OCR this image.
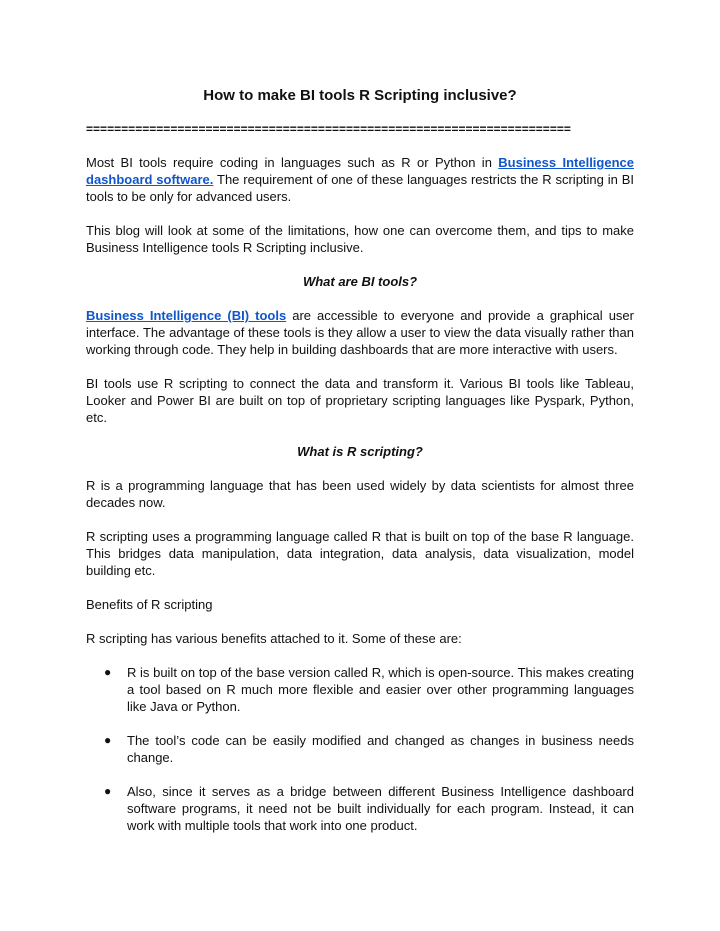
How to make BI tools R Scripting inclusive?
=====================================================================

Most BI tools require coding in languages such as R or Python in Business Intelligence dashboard software. The requirement of one of these languages restricts the R scripting in BI tools to be only for advanced users.

This blog will look at some of the limitations, how one can overcome them, and tips to make Business Intelligence tools R Scripting inclusive.

What are BI tools?

Business Intelligence (BI) tools are accessible to everyone and provide a graphical user interface. The advantage of these tools is they allow a user to view the data visually rather than working through code. They help in building dashboards that are more interactive with users.

BI tools use R scripting to connect the data and transform it. Various BI tools like Tableau, Looker and Power BI are built on top of proprietary scripting languages like Pyspark, Python, etc.

What is R scripting?

R is a programming language that has been used widely by data scientists for almost three decades now.

R scripting uses a programming language called R that is built on top of the base R language. This bridges data manipulation, data integration, data analysis, data visualization, model building etc.

Benefits of R scripting

R scripting has various benefits attached to it. Some of these are:

● R is built on top of the base version called R, which is open-source. This makes creating a tool based on R much more flexible and easier over other programming languages like Java or Python.
● The tool’s code can be easily modified and changed as changes in business needs change.
● Also, since it serves as a bridge between different Business Intelligence dashboard software programs, it need not be built individually for each program. Instead, it can work with multiple tools that work into one product.
